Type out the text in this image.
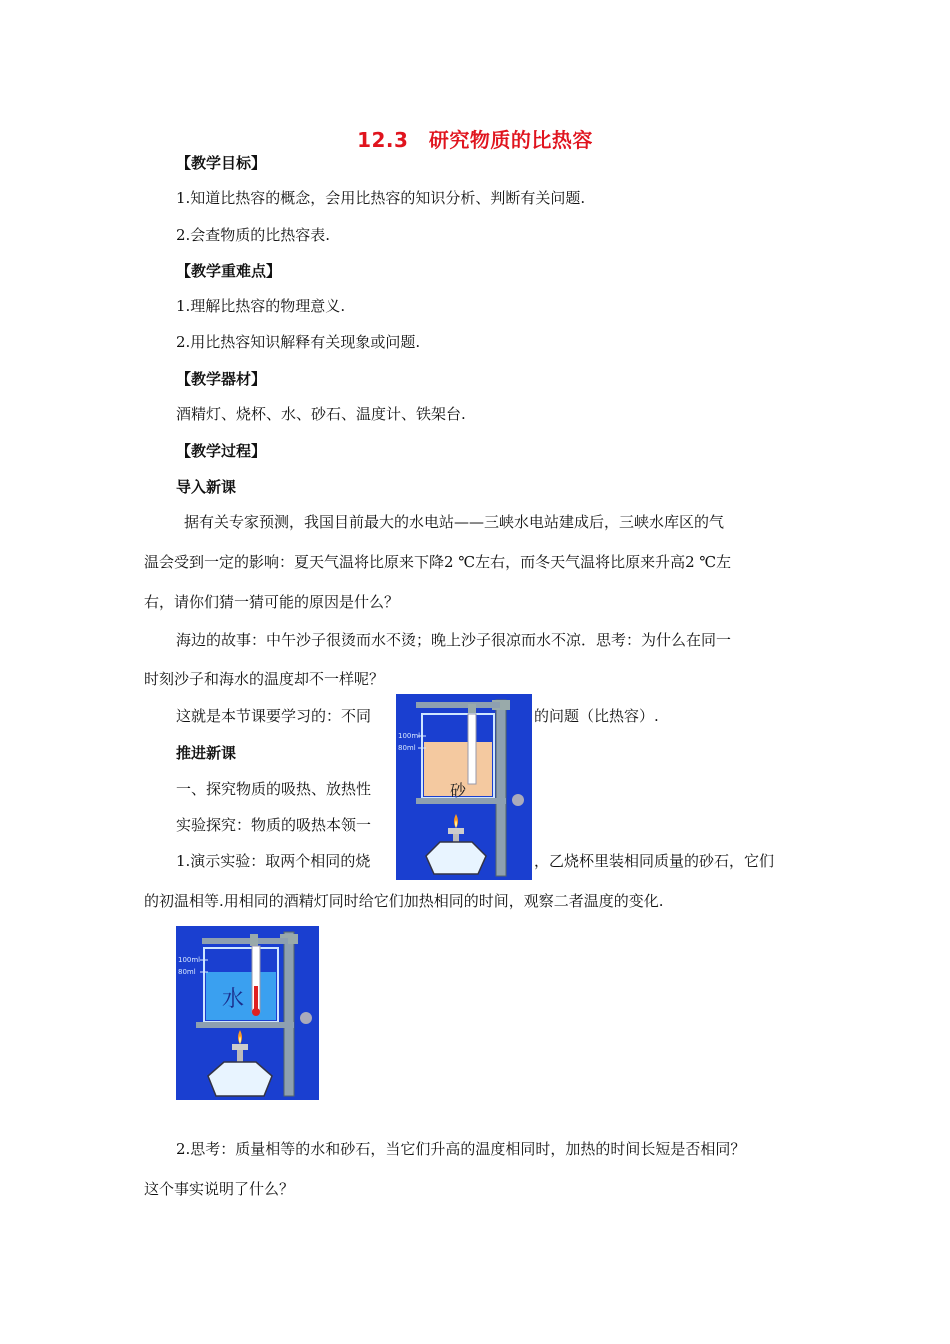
12.3　研究物质的比热容
【教学目标】
1.知道比热容的概念，会用比热容的知识分析、判断有关问题.
2.会查物质的比热容表.
【教学重难点】
1.理解比热容的物理意义.
2.用比热容知识解释有关现象或问题.
【教学器材】
酒精灯、烧杯、水、砂石、温度计、铁架台.
【教学过程】
导入新课
据有关专家预测，我国目前最大的水电站——三峡水电站建成后，三峡水库区的气
温会受到一定的影响：夏天气温将比原来下降2 ℃左右，而冬天气温将比原来升高2 ℃左
右，请你们猜一猜可能的原因是什么？
海边的故事：中午沙子很烫而水不烫；晚上沙子很凉而水不凉．思考：为什么在同一
时刻沙子和海水的温度却不一样呢？
这就是本节课要学习的：不同	的问题（比热容）.
推进新课
一、探究物质的吸热、放热性
实验探究：物质的吸热本领一
1.演示实验：取两个相同的烧	，乙烧杯里装相同质量的砂石，它们
的初温相等.用相同的酒精灯同时给它们加热相同的时间，观察二者温度的变化.
2.思考：质量相等的水和砂石，当它们升高的温度相同时，加热的时间长短是否相同？
这个事实说明了什么？
100ml
80ml
砂
100ml
80ml
水
